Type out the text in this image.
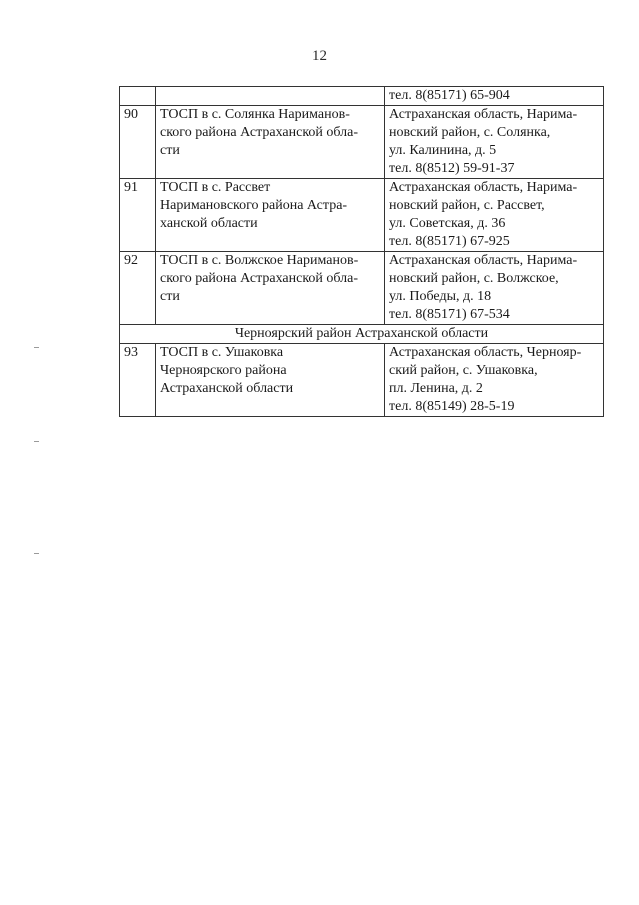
12

		тел. 8(85171) 65-904

90	ТОСП в с. Солянка Нариманов-
ского района Астраханской обла-
сти	Астраханская область, Нарима-
новский район, с. Солянка,
ул. Калинина, д. 5
тел. 8(8512) 59-91-37

91	ТОСП в с. Рассвет
Наримановского района Астра-
ханской области	Астраханская область, Нарима-
новский район, с. Рассвет,
ул. Советская, д. 36
тел. 8(85171) 67-925

92	ТОСП в с. Волжское Нариманов-
ского района Астраханской обла-
сти	Астраханская область, Нарима-
новский район, с. Волжское,
ул. Победы, д. 18
тел. 8(85171) 67-534

Черноярский район Астраханской области		
93	ТОСП в с. Ушаковка
Черноярского района
Астраханской области	Астраханская область, Чернояр-
ский район, с. Ушаковка,
пл. Ленина, д. 2
тел. 8(85149) 28-5-19
